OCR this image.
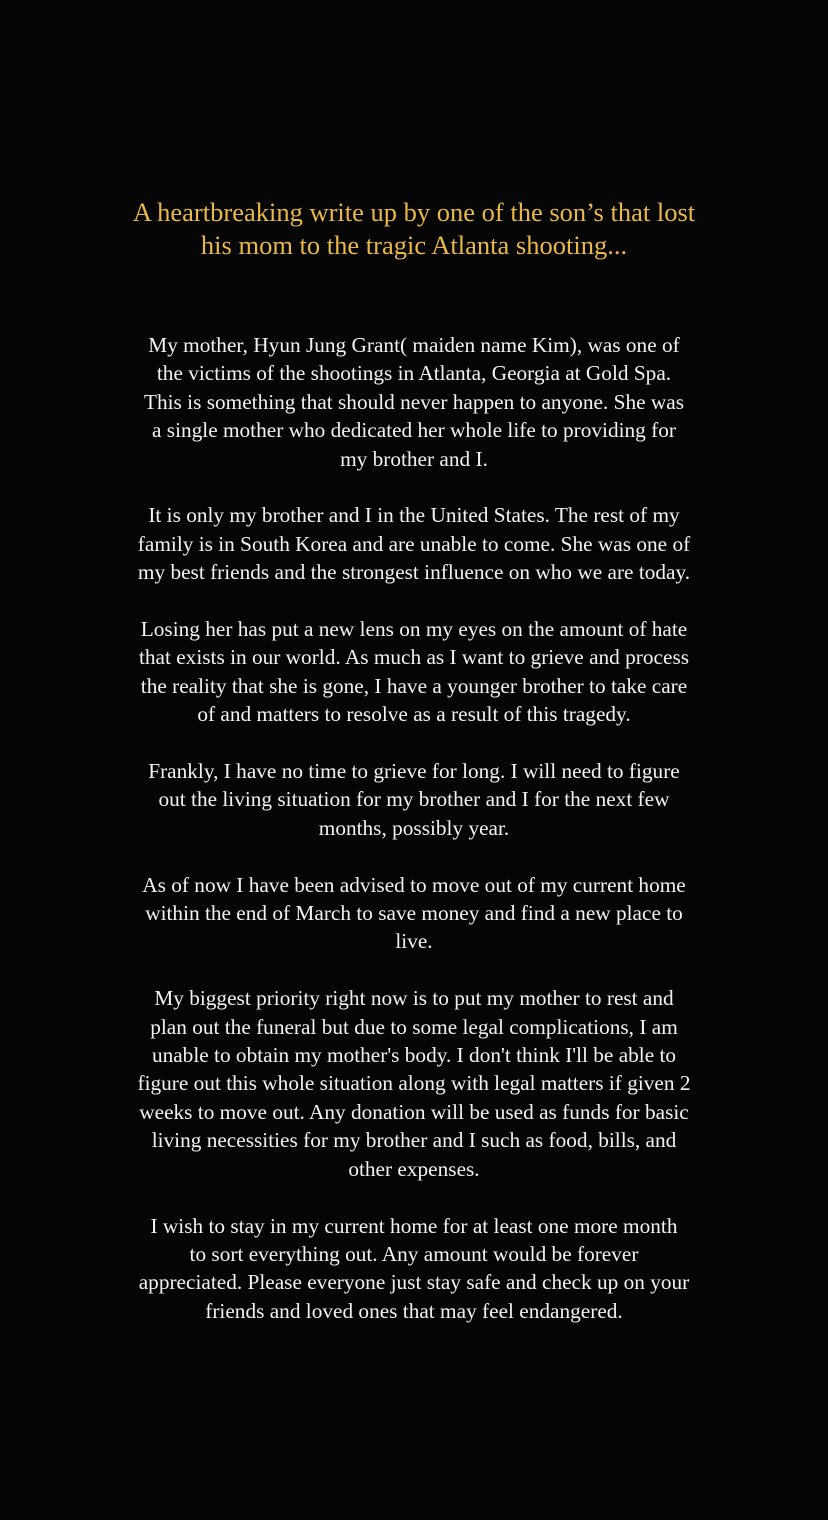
A heartbreaking write up by one of the son’s that lost
his mom to the tragic Atlanta shooting...

My mother, Hyun Jung Grant( maiden name Kim), was one of
the victims of the shootings in Atlanta, Georgia at Gold Spa.
This is something that should never happen to anyone. She was
a single mother who dedicated her whole life to providing for
my brother and I.

It is only my brother and I in the United States. The rest of my
family is in South Korea and are unable to come. She was one of
my best friends and the strongest influence on who we are today.

Losing her has put a new lens on my eyes on the amount of hate
that exists in our world. As much as I want to grieve and process
the reality that she is gone, I have a younger brother to take care
of and matters to resolve as a result of this tragedy.

Frankly, I have no time to grieve for long. I will need to figure
out the living situation for my brother and I for the next few
months, possibly year.

As of now I have been advised to move out of my current home
within the end of March to save money and find a new place to
live.

My biggest priority right now is to put my mother to rest and
plan out the funeral but due to some legal complications, I am
unable to obtain my mother's body. I don't think I'll be able to
figure out this whole situation along with legal matters if given 2
weeks to move out. Any donation will be used as funds for basic
living necessities for my brother and I such as food, bills, and
other expenses.

I wish to stay in my current home for at least one more month
to sort everything out. Any amount would be forever
appreciated. Please everyone just stay safe and check up on your
friends and loved ones that may feel endangered.
